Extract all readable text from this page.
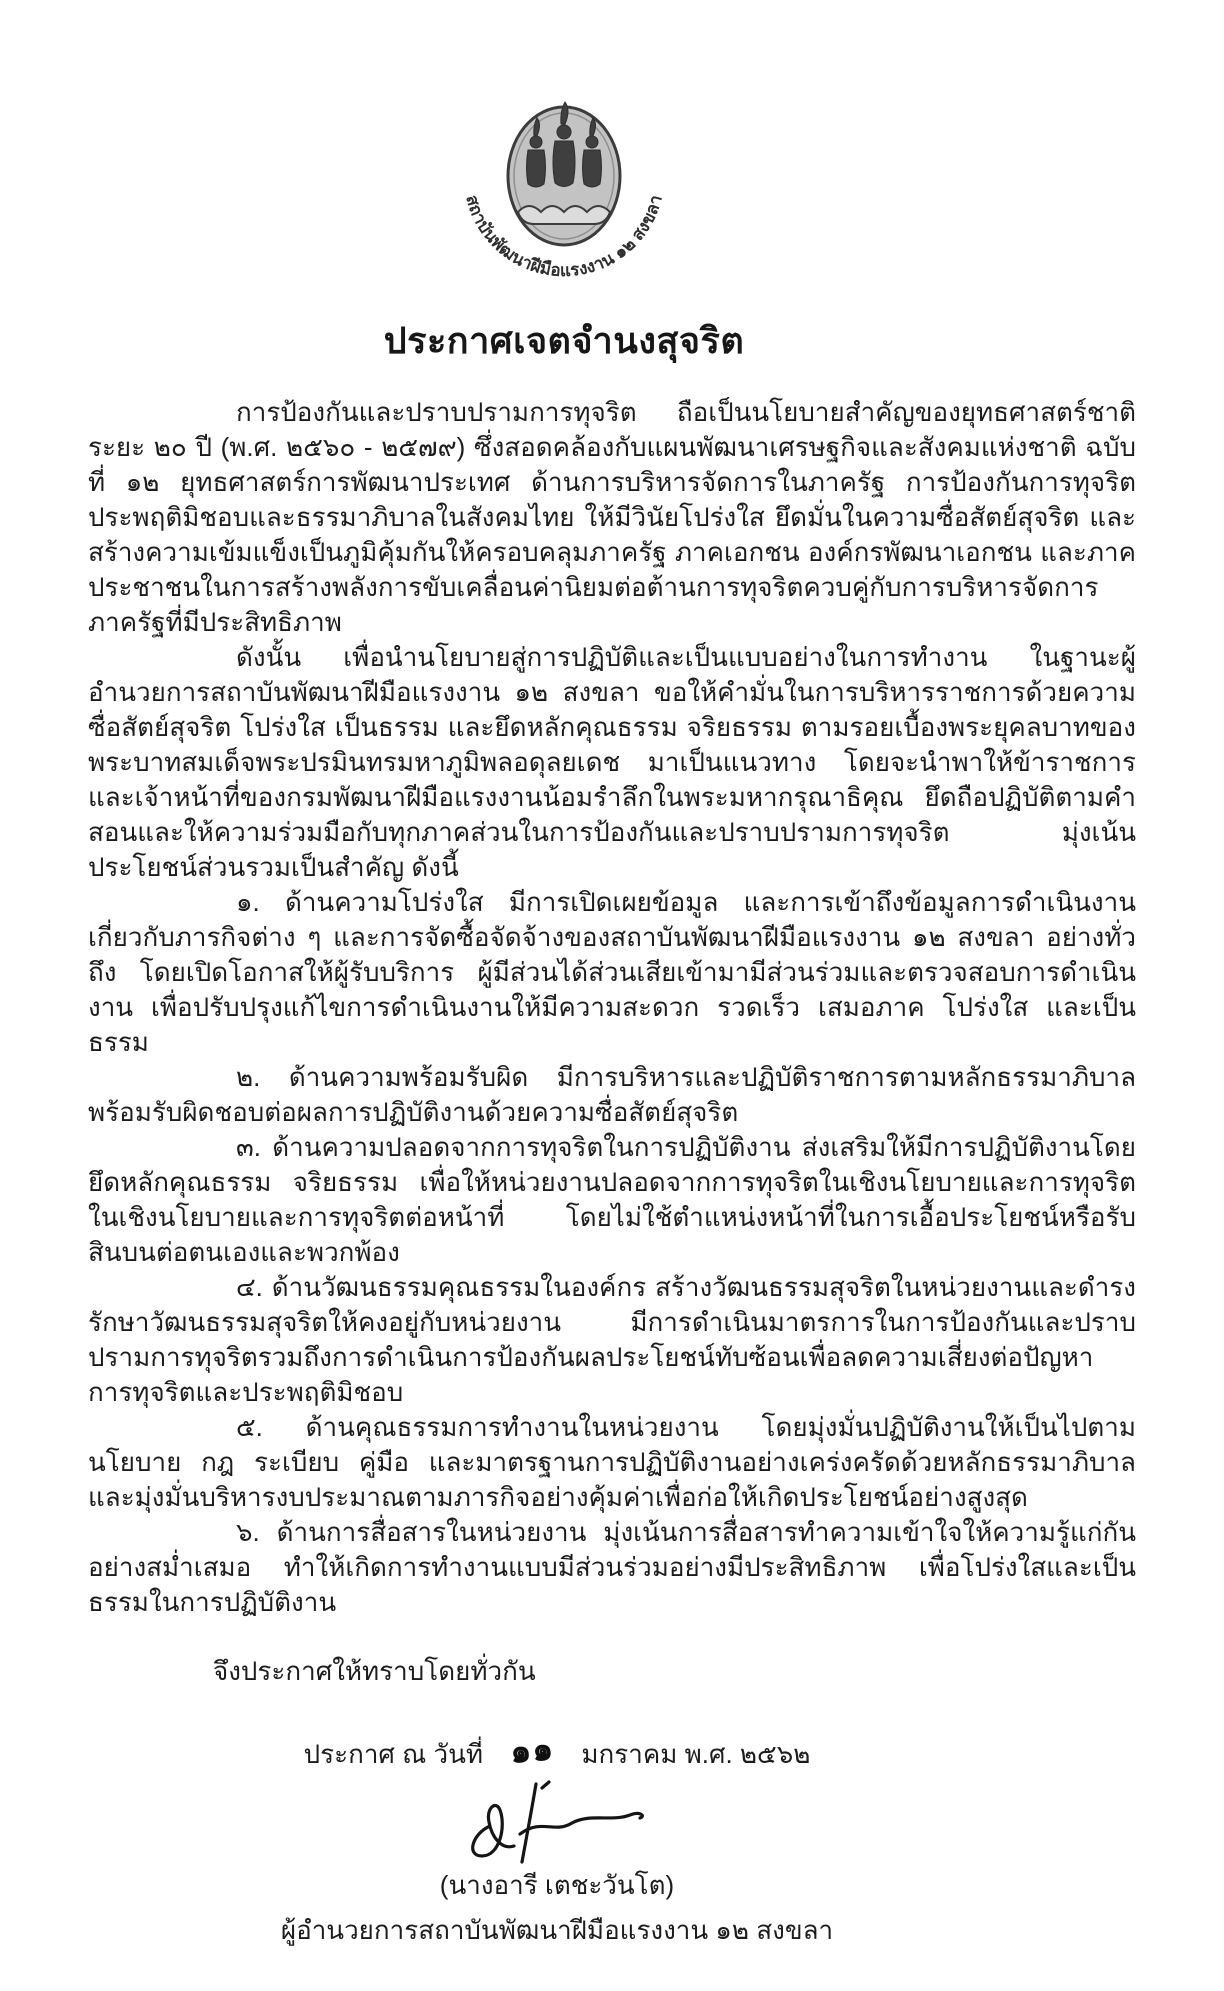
สถาบันพัฒนาฝีมือแรงงาน ๑๒ สงขลา
ประกาศเจตจำนงสุจริต

การป้องกันและปราบปรามการทุจริต ถือเป็นนโยบายสำคัญของยุทธศาสตร์ชาติ ระยะ ๒๐ ปี (พ.ศ. ๒๕๖๐ - ๒๕๗๙) ซึ่งสอดคล้องกับแผนพัฒนาเศรษฐกิจและสังคมแห่งชาติ ฉบับที่ ๑๒ ยุทธศาสตร์การพัฒนาประเทศ ด้านการบริหารจัดการในภาครัฐ การป้องกันการทุจริตประพฤติมิชอบและธรรมาภิบาลในสังคมไทย ให้มีวินัยโปร่งใส ยึดมั่นในความซื่อสัตย์สุจริต และสร้างความเข้มแข็งเป็นภูมิคุ้มกันให้ครอบคลุมภาครัฐ ภาคเอกชน องค์กรพัฒนาเอกชน และภาคประชาชนในการสร้างพลังการขับเคลื่อนค่านิยมต่อต้านการทุจริตควบคู่กับการบริหารจัดการภาครัฐที่มีประสิทธิภาพ

ดังนั้น เพื่อนำนโยบายสู่การปฏิบัติและเป็นแบบอย่างในการทำงาน ในฐานะผู้อำนวยการสถาบันพัฒนาฝีมือแรงงาน ๑๒ สงขลา ขอให้คำมั่นในการบริหารราชการด้วยความซื่อสัตย์สุจริต โปร่งใส เป็นธรรม และยึดหลักคุณธรรม จริยธรรม ตามรอยเบื้องพระยุคลบาทของพระบาทสมเด็จพระปรมินทรมหาภูมิพลอดุลยเดช มาเป็นแนวทาง โดยจะนำพาให้ข้าราชการและเจ้าหน้าที่ของกรมพัฒนาฝีมือแรงงานน้อมรำลึกในพระมหากรุณาธิคุณ ยึดถือปฏิบัติตามคำสอนและให้ความร่วมมือกับทุกภาคส่วนในการป้องกันและปราบปรามการทุจริต มุ่งเน้นประโยชน์ส่วนรวมเป็นสำคัญ ดังนี้

๑. ด้านความโปร่งใส มีการเปิดเผยข้อมูล และการเข้าถึงข้อมูลการดำเนินงานเกี่ยวกับภารกิจต่าง ๆ และการจัดซื้อจัดจ้างของสถาบันพัฒนาฝีมือแรงงาน ๑๒ สงขลา อย่างทั่วถึง โดยเปิดโอกาสให้ผู้รับบริการ ผู้มีส่วนได้ส่วนเสียเข้ามามีส่วนร่วมและตรวจสอบการดำเนินงาน เพื่อปรับปรุงแก้ไขการดำเนินงานให้มีความสะดวก รวดเร็ว เสมอภาค โปร่งใส และเป็นธรรม

๒. ด้านความพร้อมรับผิด มีการบริหารและปฏิบัติราชการตามหลักธรรมาภิบาลพร้อมรับผิดชอบต่อผลการปฏิบัติงานด้วยความซื่อสัตย์สุจริต

๓. ด้านความปลอดจากการทุจริตในการปฏิบัติงาน ส่งเสริมให้มีการปฏิบัติงานโดยยึดหลักคุณธรรม จริยธรรม เพื่อให้หน่วยงานปลอดจากการทุจริตในเชิงนโยบายและการทุจริตในเชิงนโยบายและการทุจริตต่อหน้าที่ โดยไม่ใช้ตำแหน่งหน้าที่ในการเอื้อประโยชน์หรือรับสินบนต่อตนเองและพวกพ้อง

๔. ด้านวัฒนธรรมคุณธรรมในองค์กร สร้างวัฒนธรรมสุจริตในหน่วยงานและดำรงรักษาวัฒนธรรมสุจริตให้คงอยู่กับหน่วยงาน มีการดำเนินมาตรการในการป้องกันและปราบปรามการทุจริตรวมถึงการดำเนินการป้องกันผลประโยชน์ทับซ้อนเพื่อลดความเสี่ยงต่อปัญหาการทุจริตและประพฤติมิชอบ

๕. ด้านคุณธรรมการทำงานในหน่วยงาน โดยมุ่งมั่นปฏิบัติงานให้เป็นไปตามนโยบาย กฎ ระเบียบ คู่มือ และมาตรฐานการปฏิบัติงานอย่างเคร่งครัดด้วยหลักธรรมาภิบาล และมุ่งมั่นบริหารงบประมาณตามภารกิจอย่างคุ้มค่าเพื่อก่อให้เกิดประโยชน์อย่างสูงสุด

๖. ด้านการสื่อสารในหน่วยงาน มุ่งเน้นการสื่อสารทำความเข้าใจให้ความรู้แก่กันอย่างสม่ำเสมอ ทำให้เกิดการทำงานแบบมีส่วนร่วมอย่างมีประสิทธิภาพ เพื่อโปร่งใสและเป็นธรรมในการปฏิบัติงาน

จึงประกาศให้ทราบโดยทั่วกัน

ประกาศ ณ วันที่ ๑๑ มกราคม พ.ศ. ๒๕๖๒

(นางอารี เตชะวันโต)

ผู้อำนวยการสถาบันพัฒนาฝีมือแรงงาน ๑๒ สงขลา
